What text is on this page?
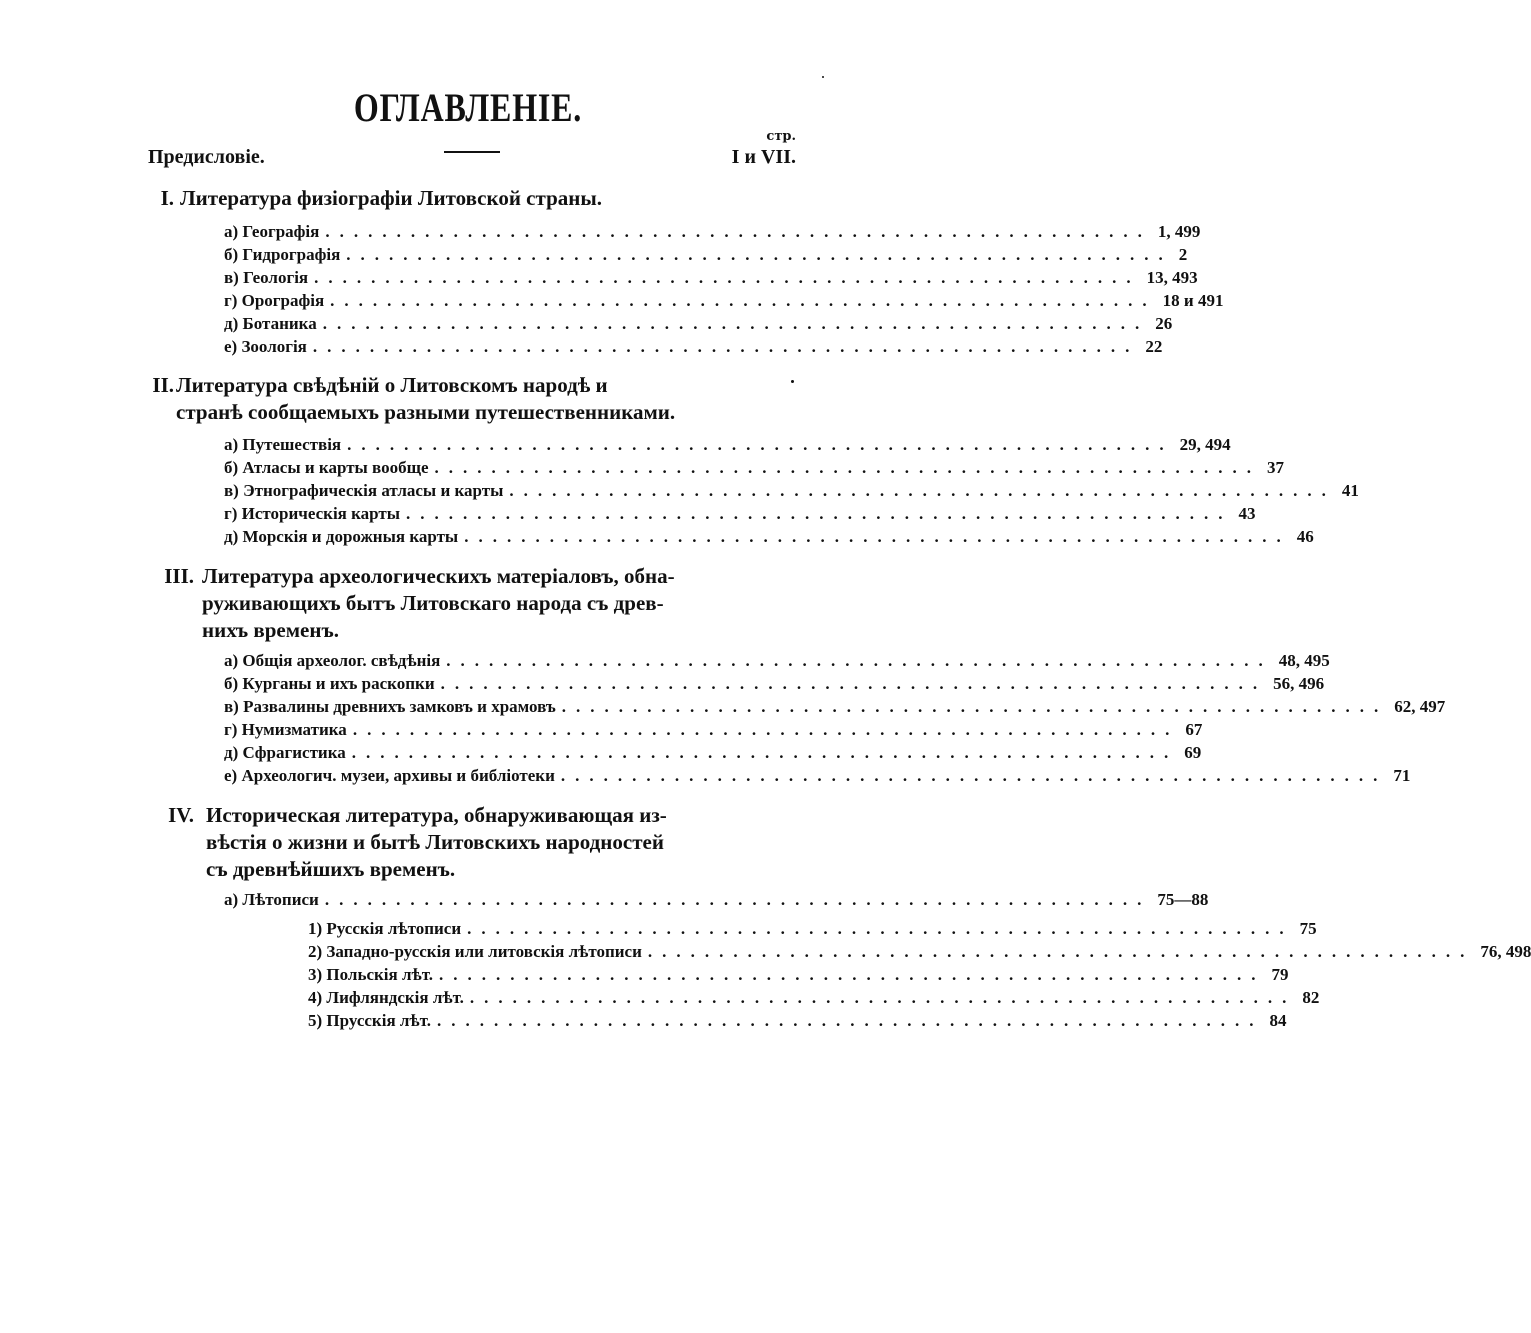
ОГЛАВЛЕНІЕ.
стр.
Предисловіе.	I и VII.
I. Литература физіографіи Литовской страны.
а) Географія .......................................................... 1, 499
б) Гидрографія .......................................................... 2
в) Геологія .......................................................... 13, 493
г) Орографія .......................................................... 18 и 491
д) Ботаника .......................................................... 26
е) Зоологія .......................................................... 22
II. Литература свѣдѣній о Литовскомъ народѣ и
странѣ сообщаемыхъ разными путешественниками.
а) Путешествія .......................................................... 29, 494
б) Атласы и карты вообще .......................................................... 37
в) Этнографическія атласы и карты .......................................................... 41
г) Историческія карты .......................................................... 43
д) Морскія и дорожныя карты .......................................................... 46
III. Литература археологическихъ матеріаловъ, обна-
руживающихъ бытъ Литовскаго народа съ древ-
нихъ временъ.
а) Общія археолог. свѣдѣнія .......................................................... 48, 495
б) Курганы и ихъ раскопки .......................................................... 56, 496
в) Развалины древнихъ замковъ и храмовъ .......................................................... 62, 497
г) Нумизматика .......................................................... 67
д) Сфрагистика .......................................................... 69
е) Археологич. музеи, архивы и библіотеки .......................................................... 71
IV. Историческая литература, обнаруживающая из-
вѣстія о жизни и бытѣ Литовскихъ народностей
съ древнѣйшихъ временъ.
а) Лѣтописи .......................................................... 75—88
1) Русскія лѣтописи .......................................................... 75
2) Западно-русскія или литовскія лѣтописи .......................................................... 76, 498
3) Польскія лѣт. .......................................................... 79
4) Лифляндскія лѣт. .......................................................... 82
5) Прусскія лѣт. .......................................................... 84
